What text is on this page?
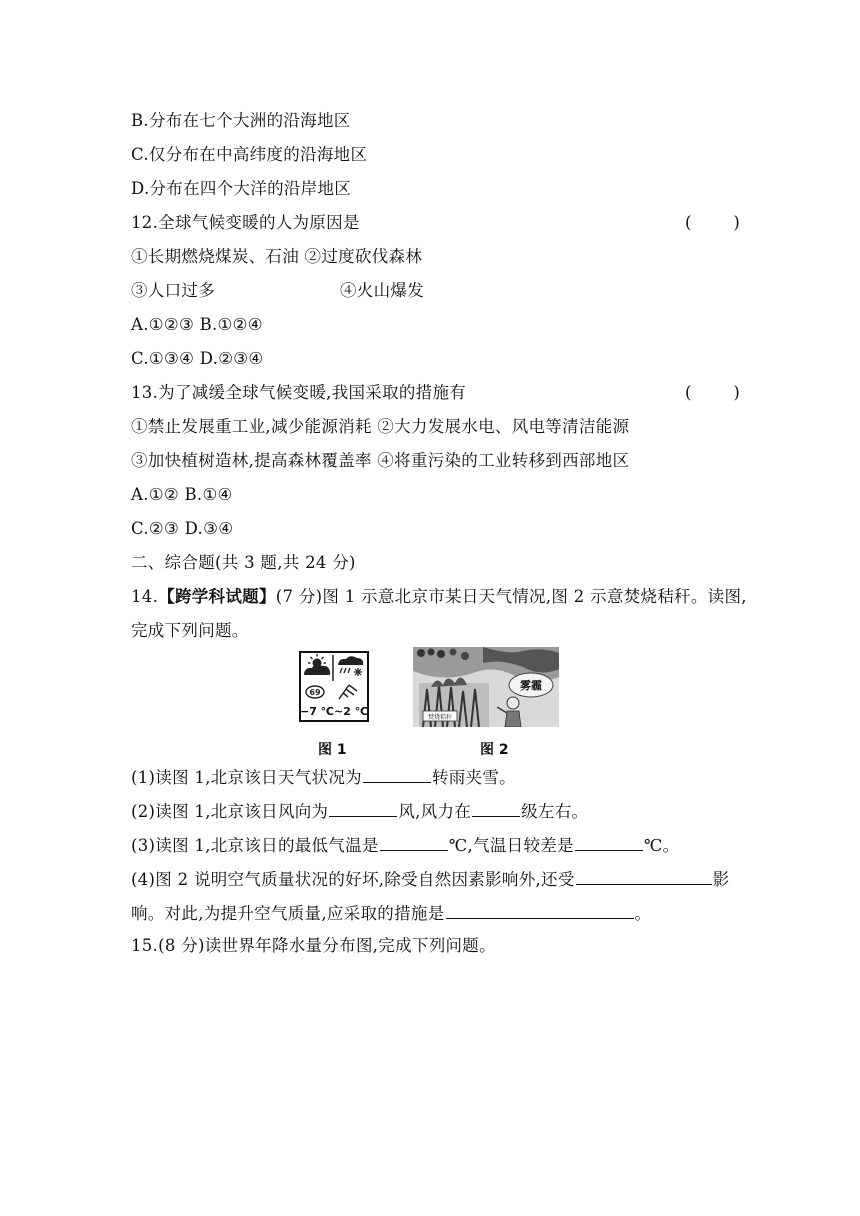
B.分布在七个大洲的沿海地区
C.仅分布在中高纬度的沿海地区
D.分布在四个大洋的沿岸地区
12.全球气候变暖的人为原因是	(        )
①长期燃烧煤炭、石油 ②过度砍伐森林
③人口过多	④火山爆发
A.①②③ B.①②④
C.①③④ D.②③④
13.为了减缓全球气候变暖,我国采取的措施有	(        )
①禁止发展重工业,减少能源消耗 ②大力发展水电、风电等清洁能源
③加快植树造林,提高森林覆盖率 ④将重污染的工业转移到西部地区
A.①② B.①④
C.②③ D.③④
二、综合题(共 3 题,共 24 分)
14.【跨学科试题】(7 分)图 1 示意北京市某日天气情况,图 2 示意焚烧秸秆。读图,
完成下列问题。
69
−7 ℃~2 ℃
雾霾
焚烧秸秆
图 1	图 2
(1)读图 1,北京该日天气状况为	转雨夹雪。
(2)读图 1,北京该日风向为	风,风力在	级左右。
(3)读图 1,北京该日的最低气温是	℃,气温日较差是	℃。
(4)图 2 说明空气质量状况的好坏,除受自然因素影响外,还受	影
响。对此,为提升空气质量,应采取的措施是	。
15.(8 分)读世界年降水量分布图,完成下列问题。
